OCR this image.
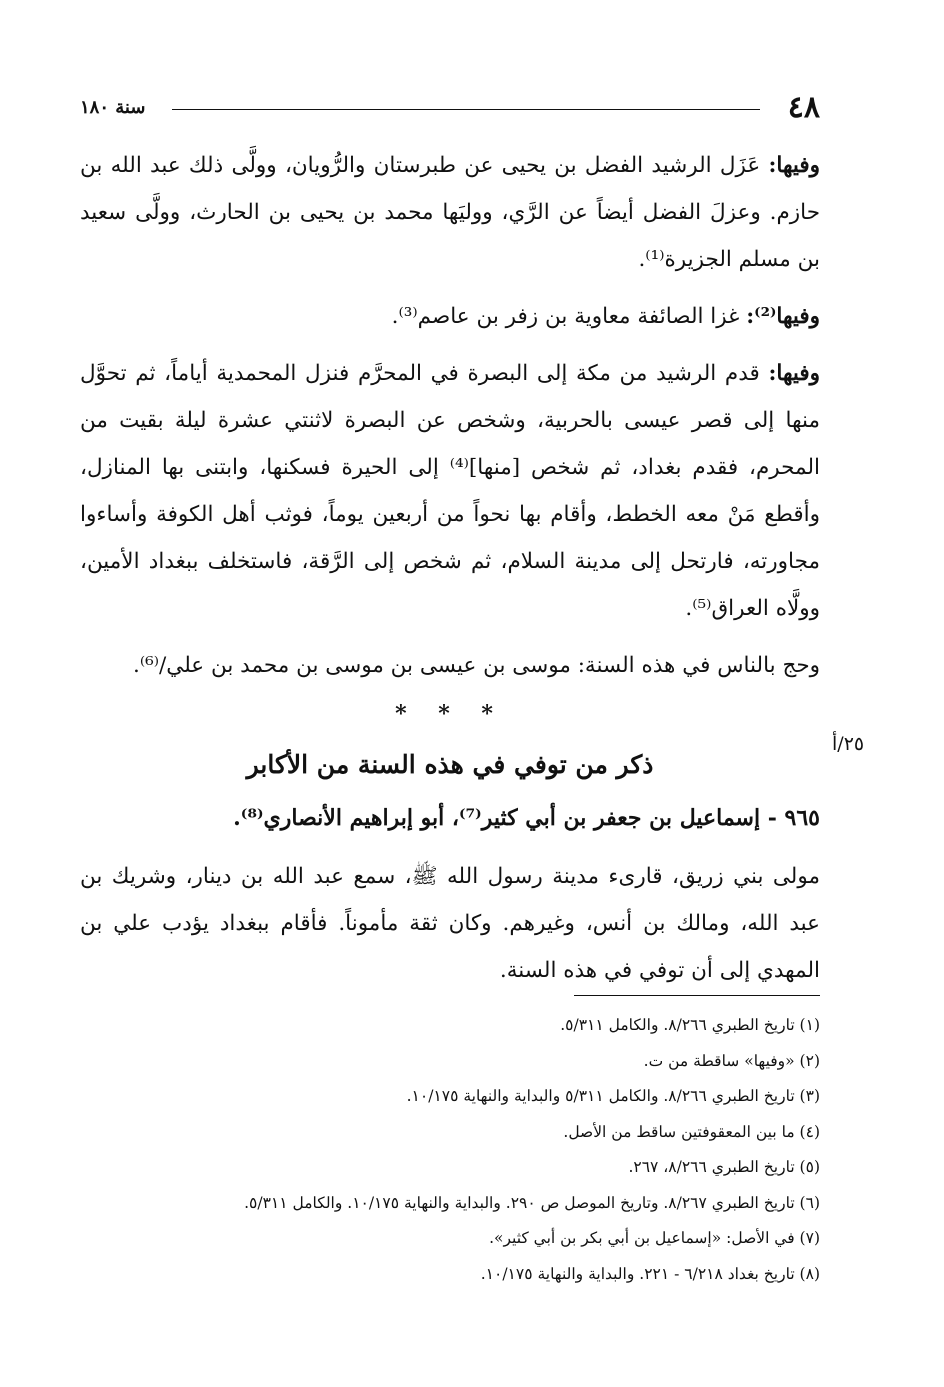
٤٨
سنة ١٨٠
٢٥/أ

وفيها: عَزَل الرشيد الفضل بن يحيى عن طبرستان والرُّويان، وولَّى ذلك عبد الله بن حازم. وعزلَ الفضل أيضاً عن الرَّي، ووليَها محمد بن يحيى بن الحارث، وولَّى سعيد بن مسلم الجزيرة⁽¹⁾.

وفيها⁽²⁾: غزا الصائفة معاوية بن زفر بن عاصم⁽³⁾.

وفيها: قدم الرشيد من مكة إلى البصرة في المحرَّم فنزل المحمدية أياماً، ثم تحوَّل منها إلى قصر عيسى بالحربية، وشخص عن البصرة لاثنتي عشرة ليلة بقيت من المحرم، فقدم بغداد، ثم شخص [منها]⁽⁴⁾ إلى الحيرة فسكنها، وابتنى بها المنازل، وأقطع مَنْ معه الخطط، وأقام بها نحواً من أربعين يوماً، فوثب أهل الكوفة وأساءوا مجاورته، فارتحل إلى مدينة السلام، ثم شخص إلى الرَّقة، فاستخلف ببغداد الأمين، وولَّاه العراق⁽⁵⁾.

وحج بالناس في هذه السنة: موسى بن عيسى بن موسى بن محمد بن علي/⁽⁶⁾.

* * *
ذكر من توفي في هذه السنة من الأكابر
٩٦٥ - إسماعيل بن جعفر بن أبي كثير⁽⁷⁾، أبو إبراهيم الأنصاري⁽⁸⁾.

مولى بني زريق، قارىء مدينة رسول الله ﷺ، سمع عبد الله بن دينار، وشريك بن عبد الله، ومالك بن أنس، وغيرهم. وكان ثقة مأموناً. فأقام ببغداد يؤدب علي بن المهدي إلى أن توفي في هذه السنة.

(١) تاريخ الطبري ٨/٢٦٦. والكامل ٥/٣١١.
(٢) «وفيها» ساقطة من ت.
(٣) تاريخ الطبري ٨/٢٦٦. والكامل ٥/٣١١ والبداية والنهاية ١٠/١٧٥.
(٤) ما بين المعقوفتين ساقط من الأصل.
(٥) تاريخ الطبري ٨/٢٦٦، ٢٦٧.
(٦) تاريخ الطبري ٨/٢٦٧. وتاريخ الموصل ص ٢٩٠. والبداية والنهاية ١٠/١٧٥. والكامل ٥/٣١١.
(٧) في الأصل: «إسماعيل بن أبي بكر بن أبي كثير».
(٨) تاريخ بغداد ٦/٢١٨ - ٢٢١. والبداية والنهاية ١٠/١٧٥.
